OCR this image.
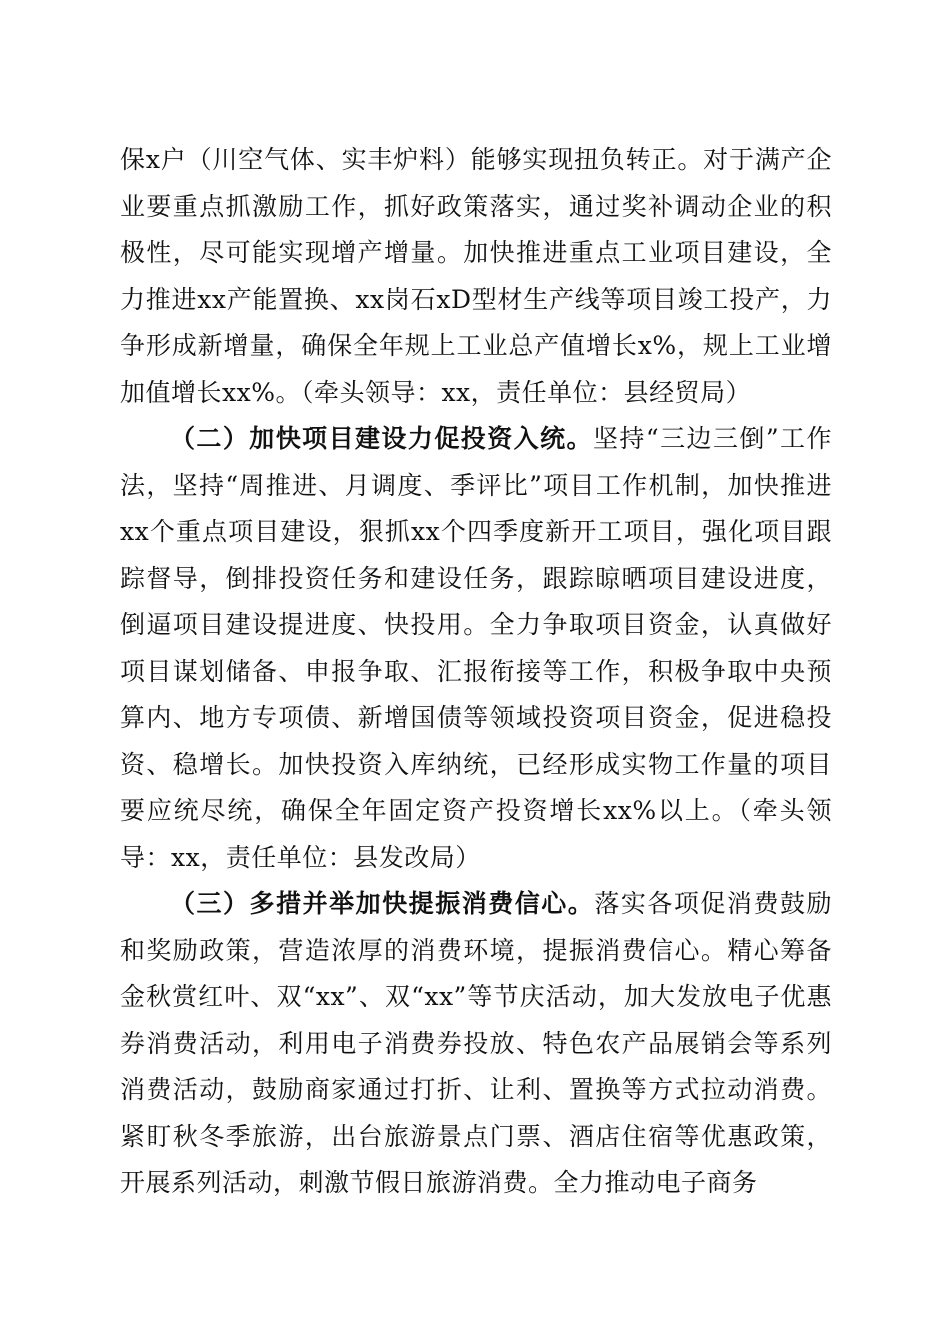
保x户（川空气体、实丰炉料）能够实现扭负转正。对于满产企业要重点抓激励工作，抓好政策落实，通过奖补调动企业的积极性，尽可能实现增产增量。加快推进重点工业项目建设，全力推进xx产能置换、xx岗石xD型材生产线等项目竣工投产，力争形成新增量，确保全年规上工业总产值增长x%，规上工业增加值增长xx%。（牵头领导：xx，责任单位：县经贸局）

（二）加快项目建设力促投资入统。坚持“三边三倒”工作法，坚持“周推进、月调度、季评比”项目工作机制，加快推进xx个重点项目建设，狠抓xx个四季度新开工项目，强化项目跟踪督导，倒排投资任务和建设任务，跟踪晾晒项目建设进度，倒逼项目建设提进度、快投用。全力争取项目资金，认真做好项目谋划储备、申报争取、汇报衔接等工作，积极争取中央预算内、地方专项债、新增国债等领域投资项目资金，促进稳投资、稳增长。加快投资入库纳统，已经形成实物工作量的项目要应统尽统，确保全年固定资产投资增长xx%以上。（牵头领导：xx，责任单位：县发改局）

（三）多措并举加快提振消费信心。落实各项促消费鼓励和奖励政策，营造浓厚的消费环境，提振消费信心。精心筹备金秋赏红叶、双“xx”、双“xx”等节庆活动，加大发放电子优惠券消费活动，利用电子消费券投放、特色农产品展销会等系列消费活动，鼓励商家通过打折、让利、置换等方式拉动消费。紧盯秋冬季旅游，出台旅游景点门票、酒店住宿等优惠政策，开展系列活动，刺激节假日旅游消费。全力推动电子商务
